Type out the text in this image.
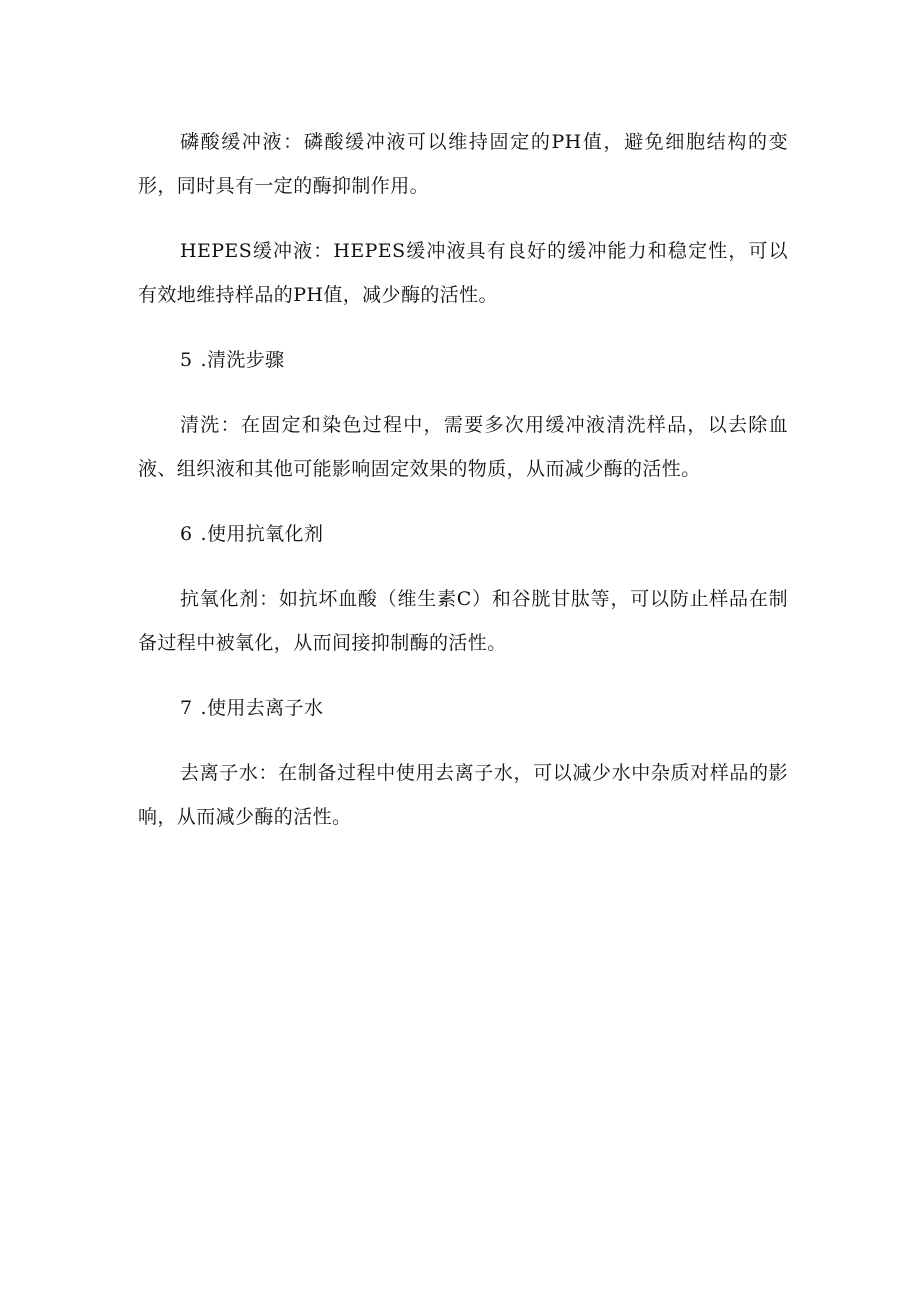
磷酸缓冲液：磷酸缓冲液可以维持固定的PH值，避免细胞结构的变形，同时具有一定的酶抑制作用。

HEPES缓冲液：HEPES缓冲液具有良好的缓冲能力和稳定性，可以有效地维持样品的PH值，减少酶的活性。

5 .清洗步骤

清洗：在固定和染色过程中，需要多次用缓冲液清洗样品，以去除血液、组织液和其他可能影响固定效果的物质，从而减少酶的活性。

6 .使用抗氧化剂

抗氧化剂：如抗坏血酸（维生素C）和谷胱甘肽等，可以防止样品在制备过程中被氧化，从而间接抑制酶的活性。

7 .使用去离子水

去离子水：在制备过程中使用去离子水，可以减少水中杂质对样品的影响，从而减少酶的活性。
